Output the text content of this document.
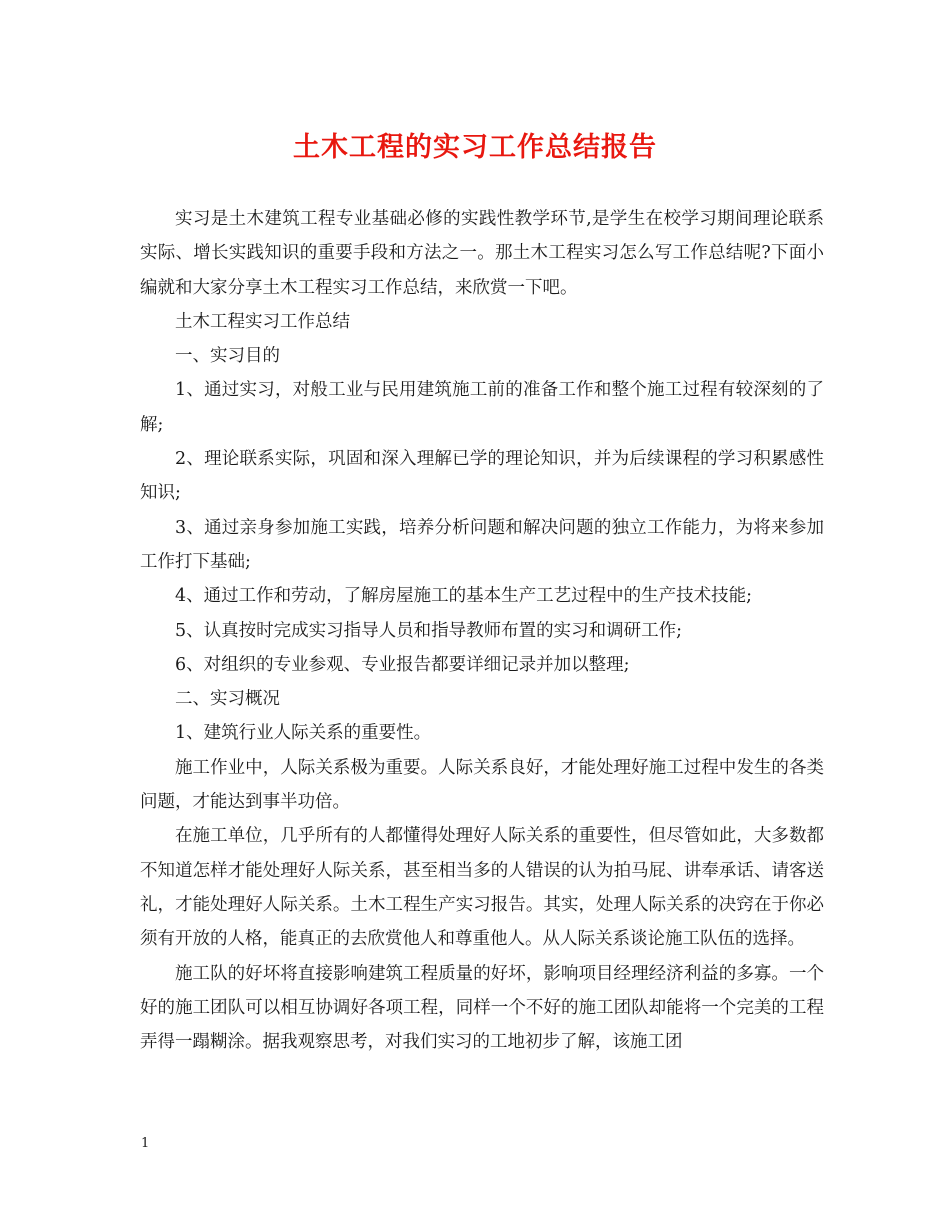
土木工程的实习工作总结报告

实习是土木建筑工程专业基础必修的实践性教学环节,是学生在校学习期间理论联系实际、增长实践知识的重要手段和方法之一。那土木工程实习怎么写工作总结呢?下面小编就和大家分享土木工程实习工作总结，来欣赏一下吧。

土木工程实习工作总结

一、实习目的

1、通过实习，对般工业与民用建筑施工前的准备工作和整个施工过程有较深刻的了解;

2、理论联系实际，巩固和深入理解已学的理论知识，并为后续课程的学习积累感性知识;

3、通过亲身参加施工实践，培养分析问题和解决问题的独立工作能力，为将来参加工作打下基础;

4、通过工作和劳动，了解房屋施工的基本生产工艺过程中的生产技术技能;

5、认真按时完成实习指导人员和指导教师布置的实习和调研工作;

6、对组织的专业参观、专业报告都要详细记录并加以整理;

二、实习概况

1、建筑行业人际关系的重要性。

施工作业中，人际关系极为重要。人际关系良好，才能处理好施工过程中发生的各类问题，才能达到事半功倍。

在施工单位，几乎所有的人都懂得处理好人际关系的重要性，但尽管如此，大多数都不知道怎样才能处理好人际关系，甚至相当多的人错误的认为拍马屁、讲奉承话、请客送礼，才能处理好人际关系。土木工程生产实习报告。其实，处理人际关系的决窍在于你必须有开放的人格，能真正的去欣赏他人和尊重他人。从人际关系谈论施工队伍的选择。

施工队的好坏将直接影响建筑工程质量的好坏，影响项目经理经济利益的多寡。一个好的施工团队可以相互协调好各项工程，同样一个不好的施工团队却能将一个完美的工程弄得一蹋糊涂。据我观察思考，对我们实习的工地初步了解，该施工团

1
